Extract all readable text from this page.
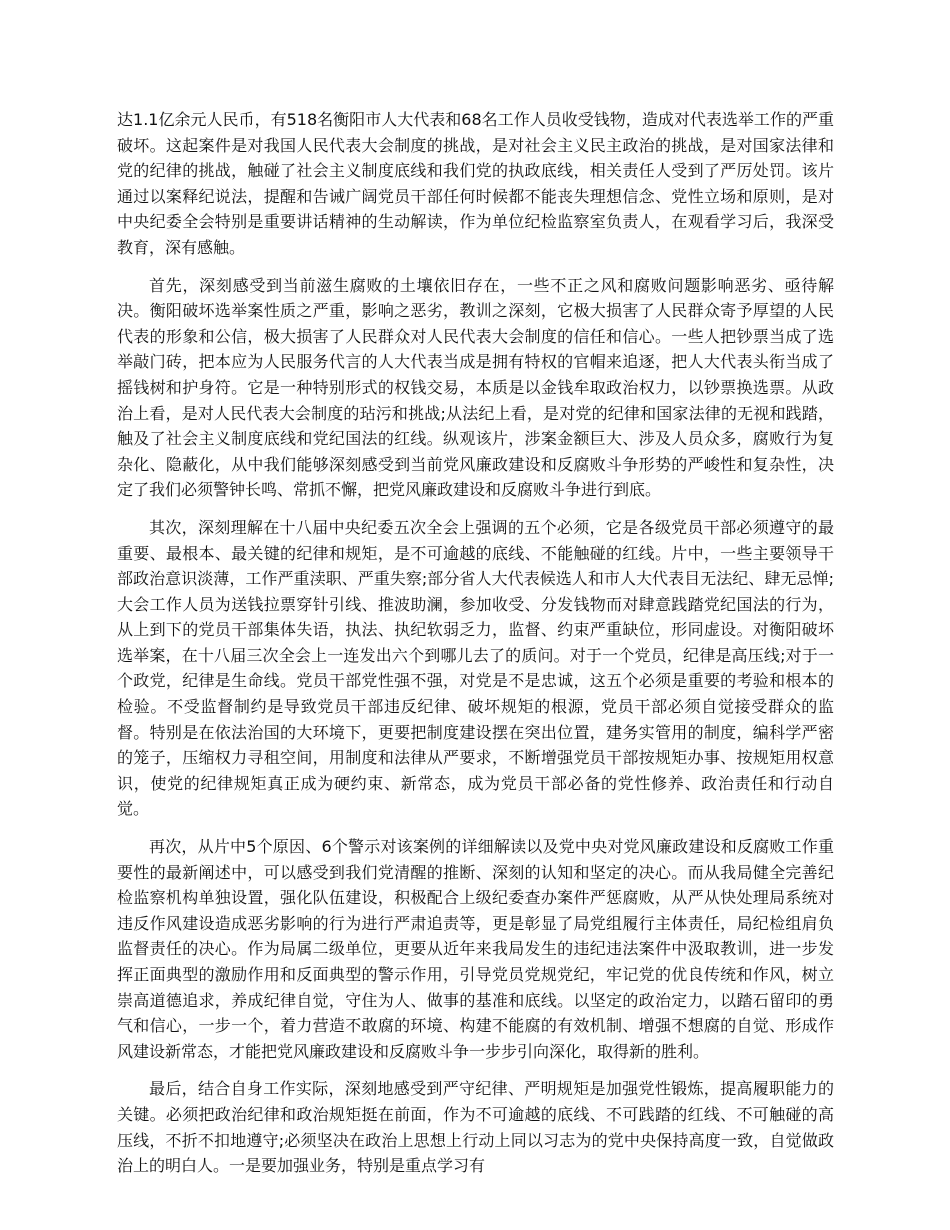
达1.1亿余元人民币，有518名衡阳市人大代表和68名工作人员收受钱物，造成对代表选举工作的严重破坏。这起案件是对我国人民代表大会制度的挑战，是对社会主义民主政治的挑战，是对国家法律和党的纪律的挑战，触碰了社会主义制度底线和我们党的执政底线，相关责任人受到了严厉处罚。该片通过以案释纪说法，提醒和告诫广阔党员干部任何时候都不能丧失理想信念、党性立场和原则，是对中央纪委全会特别是重要讲话精神的生动解读，作为单位纪检监察室负责人，在观看学习后，我深受教育，深有感触。

首先，深刻感受到当前滋生腐败的土壤依旧存在，一些不正之风和腐败问题影响恶劣、亟待解决。衡阳破坏选举案性质之严重，影响之恶劣，教训之深刻，它极大损害了人民群众寄予厚望的人民代表的形象和公信，极大损害了人民群众对人民代表大会制度的信任和信心。一些人把钞票当成了选举敲门砖，把本应为人民服务代言的人大代表当成是拥有特权的官帽来追逐，把人大代表头衔当成了摇钱树和护身符。它是一种特别形式的权钱交易，本质是以金钱牟取政治权力，以钞票换选票。从政治上看，是对人民代表大会制度的玷污和挑战;从法纪上看，是对党的纪律和国家法律的无视和践踏，触及了社会主义制度底线和党纪国法的红线。纵观该片，涉案金额巨大、涉及人员众多，腐败行为复杂化、隐蔽化，从中我们能够深刻感受到当前党风廉政建设和反腐败斗争形势的严峻性和复杂性，决定了我们必须警钟长鸣、常抓不懈，把党风廉政建设和反腐败斗争进行到底。

其次，深刻理解在十八届中央纪委五次全会上强调的五个必须，它是各级党员干部必须遵守的最重要、最根本、最关键的纪律和规矩，是不可逾越的底线、不能触碰的红线。片中，一些主要领导干部政治意识淡薄，工作严重渎职、严重失察;部分省人大代表候选人和市人大代表目无法纪、肆无忌惮;大会工作人员为送钱拉票穿针引线、推波助澜，参加收受、分发钱物而对肆意践踏党纪国法的行为，从上到下的党员干部集体失语，执法、执纪软弱乏力，监督、约束严重缺位，形同虚设。对衡阳破坏选举案，在十八届三次全会上一连发出六个到哪儿去了的质问。对于一个党员，纪律是高压线;对于一个政党，纪律是生命线。党员干部党性强不强，对党是不是忠诚，这五个必须是重要的考验和根本的检验。不受监督制约是导致党员干部违反纪律、破坏规矩的根源，党员干部必须自觉接受群众的监督。特别是在依法治国的大环境下，更要把制度建设摆在突出位置，建务实管用的制度，编科学严密的笼子，压缩权力寻租空间，用制度和法律从严要求，不断增强党员干部按规矩办事、按规矩用权意识，使党的纪律规矩真正成为硬约束、新常态，成为党员干部必备的党性修养、政治责任和行动自觉。

再次，从片中5个原因、6个警示对该案例的详细解读以及党中央对党风廉政建设和反腐败工作重要性的最新阐述中，可以感受到我们党清醒的推断、深刻的认知和坚定的决心。而从我局健全完善纪检监察机构单独设置，强化队伍建设，积极配合上级纪委查办案件严惩腐败，从严从快处理局系统对违反作风建设造成恶劣影响的行为进行严肃追责等，更是彰显了局党组履行主体责任，局纪检组肩负监督责任的决心。作为局属二级单位，更要从近年来我局发生的违纪违法案件中汲取教训，进一步发挥正面典型的激励作用和反面典型的警示作用，引导党员党规党纪，牢记党的优良传统和作风，树立崇高道德追求，养成纪律自觉，守住为人、做事的基准和底线。以坚定的政治定力，以踏石留印的勇气和信心，一步一个，着力营造不敢腐的环境、构建不能腐的有效机制、增强不想腐的自觉、形成作风建设新常态，才能把党风廉政建设和反腐败斗争一步步引向深化，取得新的胜利。

最后，结合自身工作实际，深刻地感受到严守纪律、严明规矩是加强党性锻炼，提高履职能力的关键。必须把政治纪律和政治规矩挺在前面，作为不可逾越的底线、不可践踏的红线、不可触碰的高压线，不折不扣地遵守;必须坚决在政治上思想上行动上同以习志为的党中央保持高度一致，自觉做政治上的明白人。一是要加强业务，特别是重点学习有
